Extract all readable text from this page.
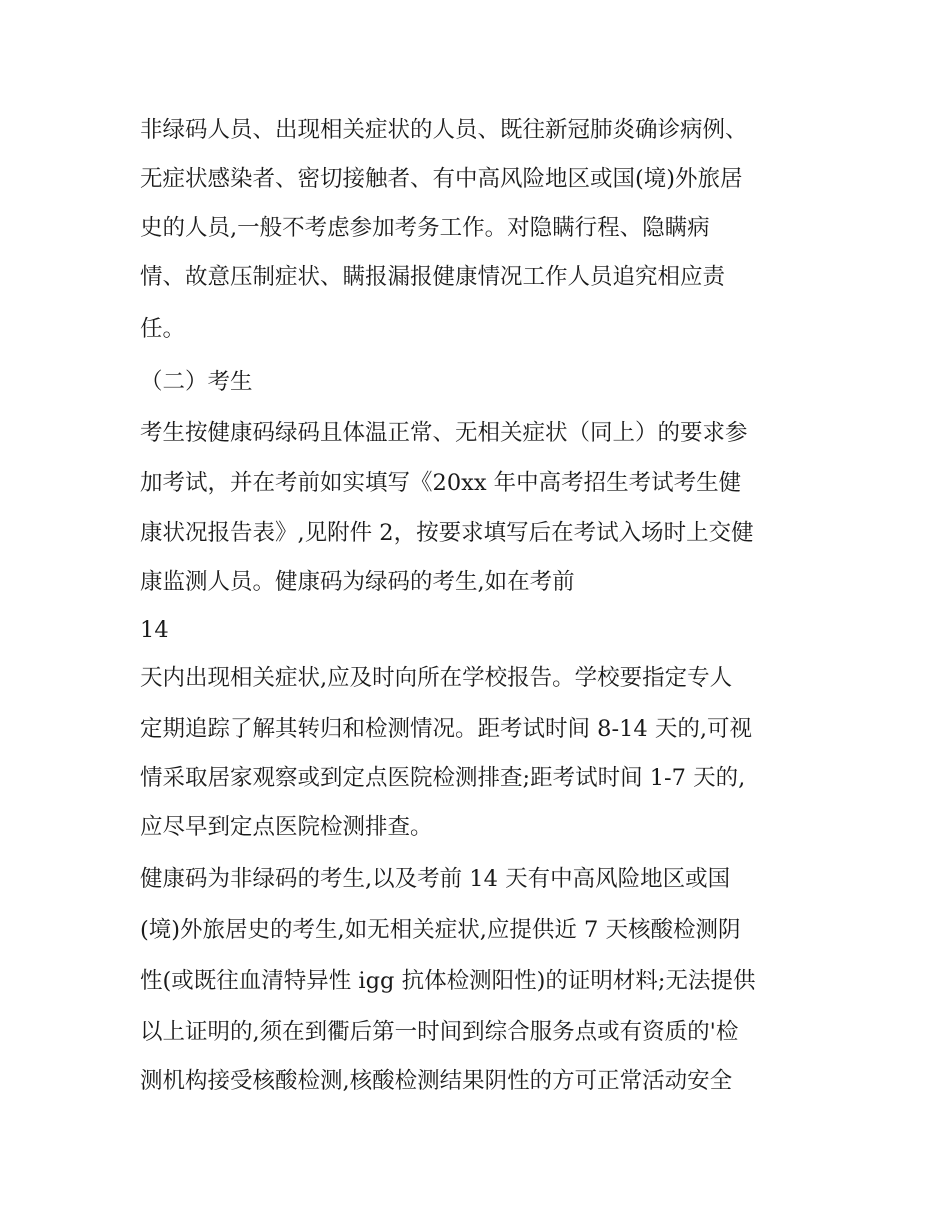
非绿码人员、出现相关症状的人员、既往新冠肺炎确诊病例、
无症状感染者、密切接触者、有中高风险地区或国(境)外旅居
史的人员,一般不考虑参加考务工作。对隐瞒行程、隐瞒病
情、故意压制症状、瞒报漏报健康情况工作人员追究相应责
任。
（二）考生
考生按健康码绿码且体温正常、无相关症状（同上）的要求参
加考试，并在考前如实填写《20xx 年中高考招生考试考生健
康状况报告表》,见附件 2，按要求填写后在考试入场时上交健
康监测人员。健康码为绿码的考生,如在考前
14
天内出现相关症状,应及时向所在学校报告。学校要指定专人
定期追踪了解其转归和检测情况。距考试时间 8-14 天的,可视
情采取居家观察或到定点医院检测排查;距考试时间 1-7 天的,
应尽早到定点医院检测排查。
健康码为非绿码的考生,以及考前 14 天有中高风险地区或国
(境)外旅居史的考生,如无相关症状,应提供近 7 天核酸检测阴
性(或既往血清特异性 igg 抗体检测阳性)的证明材料;无法提供
以上证明的,须在到衢后第一时间到综合服务点或有资质的'检
测机构接受核酸检测,核酸检测结果阴性的方可正常活动安全
